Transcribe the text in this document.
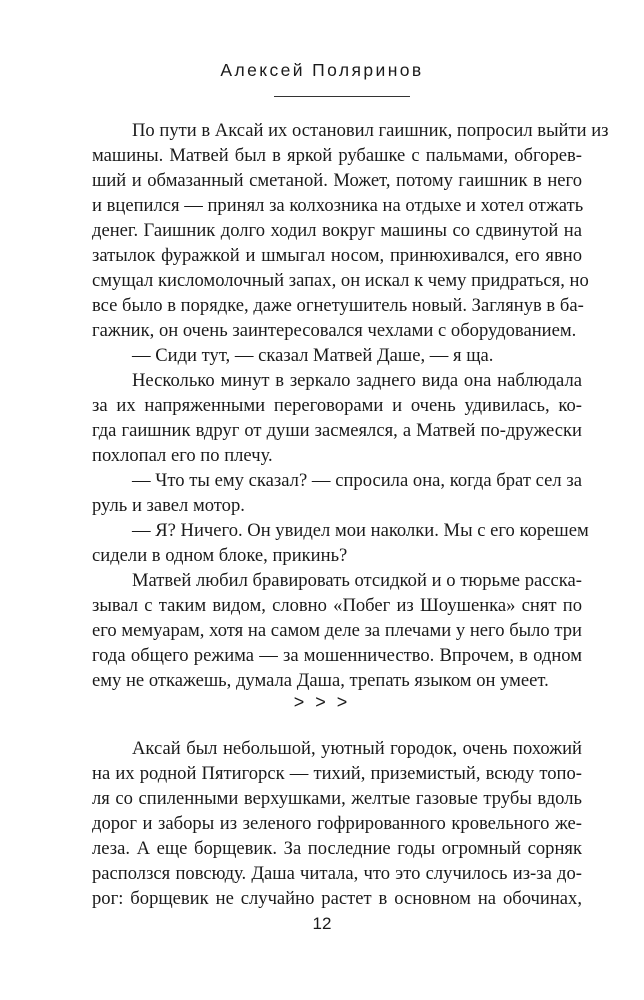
Алексей Поляринов
По пути в Аксай их остановил гаишник, попросил выйти из
машины. Матвей был в яркой рубашке с пальмами, обгорев-
ший и обмазанный сметаной. Может, потому гаишник в него
и вцепился — принял за колхозника на отдыхе и хотел отжать
денег. Гаишник долго ходил вокруг машины со сдвинутой на
затылок фуражкой и шмыгал носом, принюхивался, его явно
смущал кисломолочный запах, он искал к чему придраться, но
все было в порядке, даже огнетушитель новый. Заглянув в ба-
гажник, он очень заинтересовался чехлами с оборудованием.
— Сиди тут, — сказал Матвей Даше, — я ща.
Несколько минут в зеркало заднего вида она наблюдала
за их напряженными переговорами и очень удивилась, ко-
гда гаишник вдруг от души засмеялся, а Матвей по-дружески
похлопал его по плечу.
— Что ты ему сказал? — спросила она, когда брат сел за
руль и завел мотор.
— Я? Ничего. Он увидел мои наколки. Мы с его корешем
сидели в одном блоке, прикинь?
Матвей любил бравировать отсидкой и о тюрьме расска-
зывал с таким видом, словно «Побег из Шоушенка» снят по
его мемуарам, хотя на самом деле за плечами у него было три
года общего режима — за мошенничество. Впрочем, в одном
ему не откажешь, думала Даша, трепать языком он умеет.
> > >
Аксай был небольшой, уютный городок, очень похожий
на их родной Пятигорск — тихий, приземистый, всюду топо-
ля со спиленными верхушками, желтые газовые трубы вдоль
дорог и заборы из зеленого гофрированного кровельного же-
леза. А еще борщевик. За последние годы огромный сорняк
расползся повсюду. Даша читала, что это случилось из-за до-
рог: борщевик не случайно растет в основном на обочинах,
12
